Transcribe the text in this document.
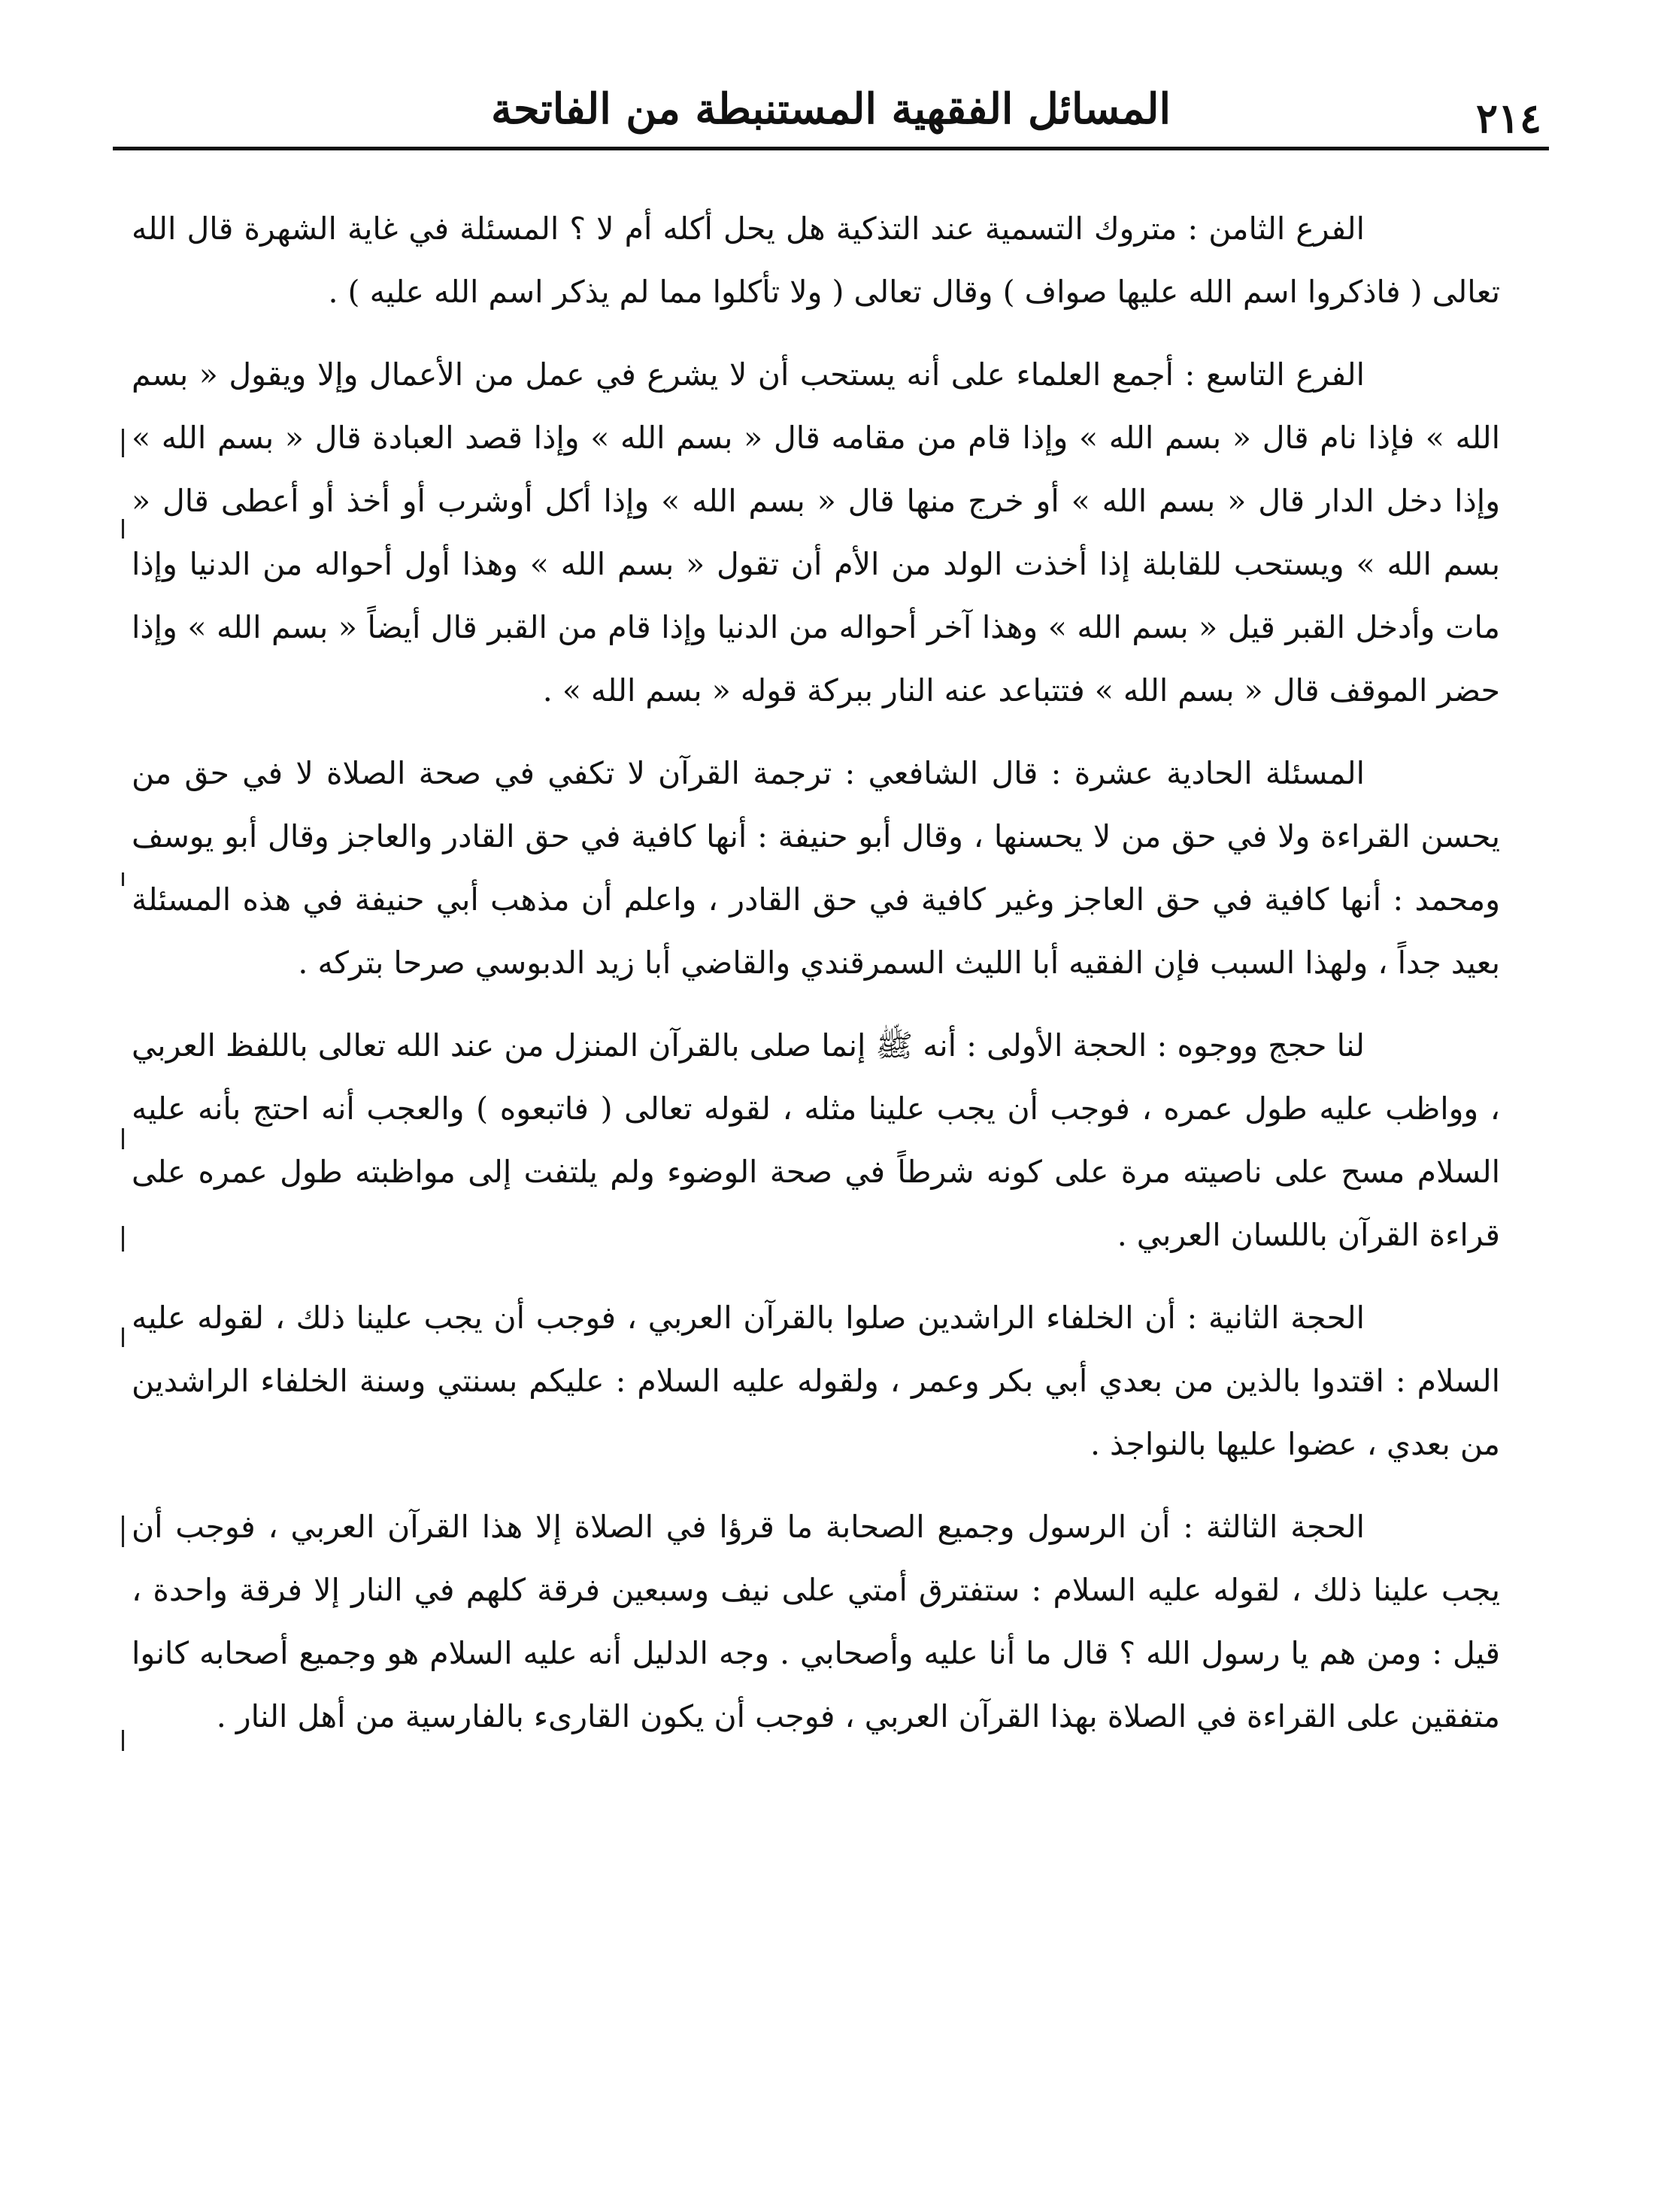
٢١٤
المسائل الفقهية المستنبطة من الفاتحة

الفرع الثامن : متروك التسمية عند التذكية هل يحل أكله أم لا ؟ المسئلة في غاية الشهرة قال الله تعالى ( فاذكروا اسم الله عليها صواف ) وقال تعالى ( ولا تأكلوا مما لم يذكر اسم الله عليه ) .

الفرع التاسع : أجمع العلماء على أنه يستحب أن لا يشرع في عمل من الأعمال وإلا ويقول « بسم الله » فإذا نام قال « بسم الله » وإذا قام من مقامه قال « بسم الله » وإذا قصد العبادة قال « بسم الله » وإذا دخل الدار قال « بسم الله » أو خرج منها قال « بسم الله » وإذا أكل أوشرب أو أخذ أو أعطى قال « بسم الله » ويستحب للقابلة إذا أخذت الولد من الأم أن تقول « بسم الله » وهذا أول أحواله من الدنيا وإذا مات وأدخل القبر قيل « بسم الله » وهذا آخر أحواله من الدنيا وإذا قام من القبر قال أيضاً « بسم الله » وإذا حضر الموقف قال « بسم الله » فتتباعد عنه النار ببركة قوله « بسم الله » .

المسئلة الحادية عشرة : قال الشافعي : ترجمة القرآن لا تكفي في صحة الصلاة لا في حق من يحسن القراءة ولا في حق من لا يحسنها ، وقال أبو حنيفة : أنها كافية في حق القادر والعاجز وقال أبو يوسف ومحمد : أنها كافية في حق العاجز وغير كافية في حق القادر ، واعلم أن مذهب أبي حنيفة في هذه المسئلة بعيد جداً ، ولهذا السبب فإن الفقيه أبا الليث السمرقندي والقاضي أبا زيد الدبوسي صرحا بتركه .

لنا حجج ووجوه : الحجة الأولى : أنه ﷺ إنما صلى بالقرآن المنزل من عند الله تعالى باللفظ العربي ، وواظب عليه طول عمره ، فوجب أن يجب علينا مثله ، لقوله تعالى ( فاتبعوه ) والعجب أنه احتج بأنه عليه السلام مسح على ناصيته مرة على كونه شرطاً في صحة الوضوء ولم يلتفت إلى مواظبته طول عمره على قراءة القرآن باللسان العربي .

الحجة الثانية : أن الخلفاء الراشدين صلوا بالقرآن العربي ، فوجب أن يجب علينا ذلك ، لقوله عليه السلام : اقتدوا بالذين من بعدي أبي بكر وعمر ، ولقوله عليه السلام : عليكم بسنتي وسنة الخلفاء الراشدين من بعدي ، عضوا عليها بالنواجذ .

الحجة الثالثة : أن الرسول وجميع الصحابة ما قرؤا في الصلاة إلا هذا القرآن العربي ، فوجب أن يجب علينا ذلك ، لقوله عليه السلام : ستفترق أمتي على نيف وسبعين فرقة كلهم في النار إلا فرقة واحدة ، قيل : ومن هم يا رسول الله ؟ قال ما أنا عليه وأصحابي . وجه الدليل أنه عليه السلام هو وجميع أصحابه كانوا متفقين على القراءة في الصلاة بهذا القرآن العربي ، فوجب أن يكون القارىء بالفارسية من أهل النار .
